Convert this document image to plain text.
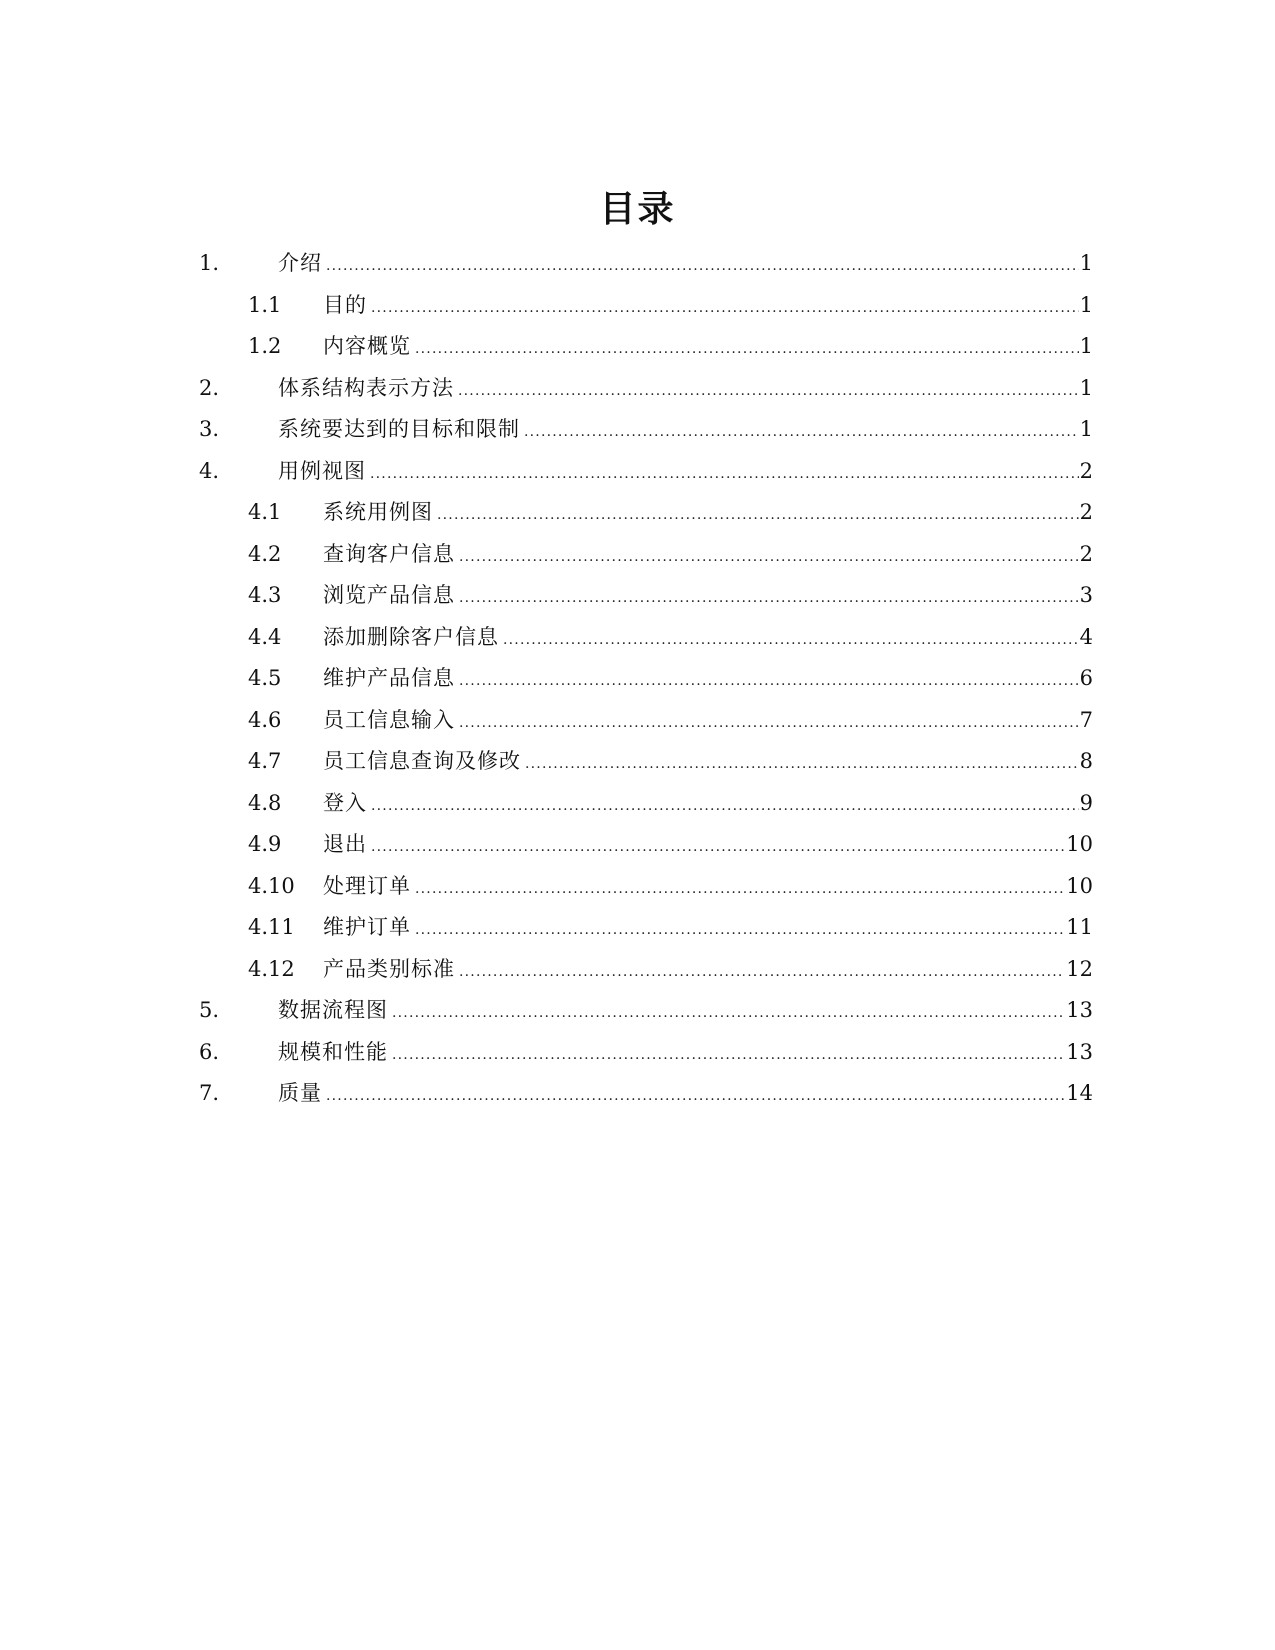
目录
1.	介绍 .....	1
1.1 目的 .....	1
1.2 内容概览 .....	1
2.	体系结构表示方法 .....	1
3.	系统要达到的目标和限制 .....	1
4.	用例视图 .....	2
4.1 系统用例图 .....	2
4.2 查询客户信息 .....	2
4.3 浏览产品信息 .....	3
4.4 添加删除客户信息 .....	4
4.5 维护产品信息 .....	6
4.6 员工信息输入 .....	7
4.7 员工信息查询及修改 .....	8
4.8 登入 .....	9
4.9 退出 .....	10
4.10 处理订单 .....	10
4.11 维护订单 .....	11
4.12 产品类别标准 .....	12
5.	数据流程图 .....	13
6.	规模和性能 .....	13
7.	质量 .....	14
